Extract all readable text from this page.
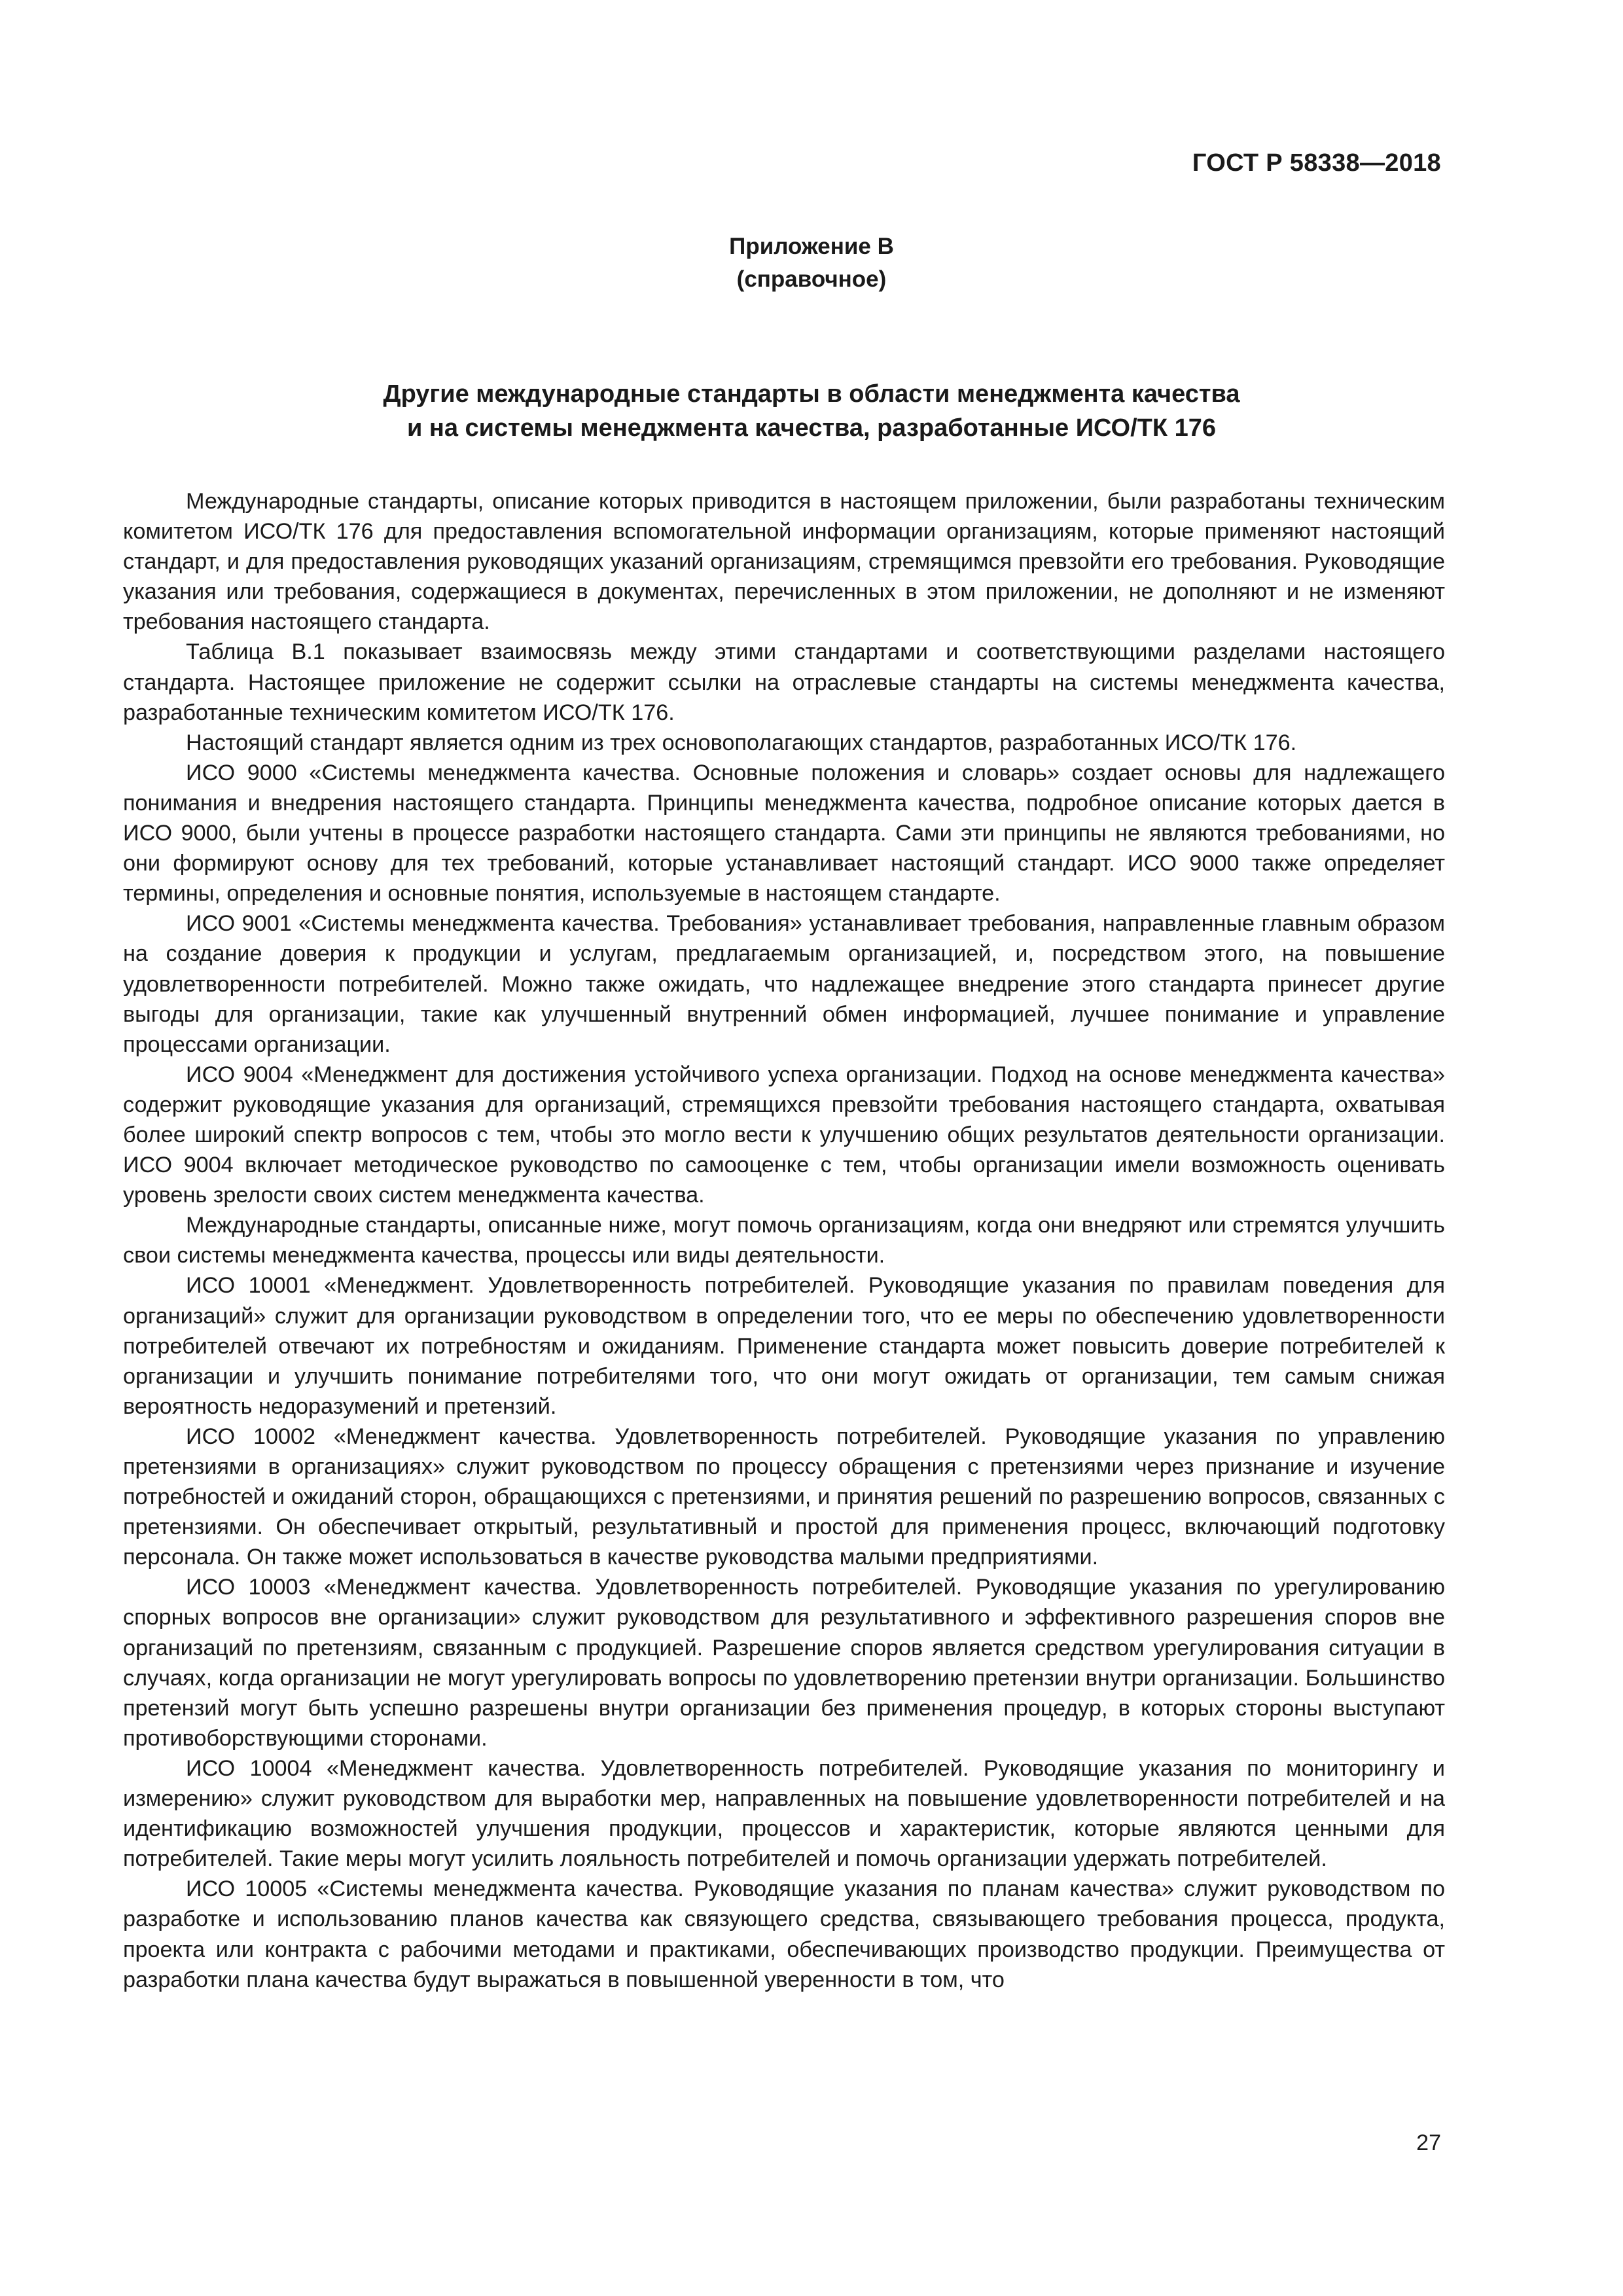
ГОСТ Р 58338—2018
Приложение В
(справочное)
Другие международные стандарты в области менеджмента качества
и на системы менеджмента качества, разработанные ИСО/ТК 176

Международные стандарты, описание которых приводится в настоящем приложении, были разработаны техническим комитетом ИСО/ТК 176 для предоставления вспомогательной информации организациям, которые применяют настоящий стандарт, и для предоставления руководящих указаний организациям, стремящимся превзойти его требования. Руководящие указания или требования, содержащиеся в документах, перечисленных в этом приложении, не дополняют и не изменяют требования настоящего стандарта.

Таблица В.1 показывает взаимосвязь между этими стандартами и соответствующими разделами настоящего стандарта. Настоящее приложение не содержит ссылки на отраслевые стандарты на системы менеджмента качества, разработанные техническим комитетом ИСО/ТК 176.

Настоящий стандарт является одним из трех основополагающих стандартов, разработанных ИСО/ТК 176.

ИСО 9000 «Системы менеджмента качества. Основные положения и словарь» создает основы для надлежащего понимания и внедрения настоящего стандарта. Принципы менеджмента качества, подробное описание которых дается в ИСО 9000, были учтены в процессе разработки настоящего стандарта. Сами эти принципы не являются требованиями, но они формируют основу для тех требований, которые устанавливает настоящий стандарт. ИСО 9000 также определяет термины, определения и основные понятия, используемые в настоящем стандарте.

ИСО 9001 «Системы менеджмента качества. Требования» устанавливает требования, направленные главным образом на создание доверия к продукции и услугам, предлагаемым организацией, и, посредством этого, на повышение удовлетворенности потребителей. Можно также ожидать, что надлежащее внедрение этого стандарта принесет другие выгоды для организации, такие как улучшенный внутренний обмен информацией, лучшее понимание и управление процессами организации.

ИСО 9004 «Менеджмент для достижения устойчивого успеха организации. Подход на основе менеджмента качества» содержит руководящие указания для организаций, стремящихся превзойти требования настоящего стандарта, охватывая более широкий спектр вопросов с тем, чтобы это могло вести к улучшению общих результатов деятельности организации. ИСО 9004 включает методическое руководство по самооценке с тем, чтобы организации имели возможность оценивать уровень зрелости своих систем менеджмента качества.

Международные стандарты, описанные ниже, могут помочь организациям, когда они внедряют или стремятся улучшить свои системы менеджмента качества, процессы или виды деятельности.

ИСО 10001 «Менеджмент. Удовлетворенность потребителей. Руководящие указания по правилам поведения для организаций» служит для организации руководством в определении того, что ее меры по обеспечению удовлетворенности потребителей отвечают их потребностям и ожиданиям. Применение стандарта может повысить доверие потребителей к организации и улучшить понимание потребителями того, что они могут ожидать от организации, тем самым снижая вероятность недоразумений и претензий.

ИСО 10002 «Менеджмент качества. Удовлетворенность потребителей. Руководящие указания по управлению претензиями в организациях» служит руководством по процессу обращения с претензиями через признание и изучение потребностей и ожиданий сторон, обращающихся с претензиями, и принятия решений по разрешению вопросов, связанных с претензиями. Он обеспечивает открытый, результативный и простой для применения процесс, включающий подготовку персонала. Он также может использоваться в качестве руководства малыми предприятиями.

ИСО 10003 «Менеджмент качества. Удовлетворенность потребителей. Руководящие указания по урегулированию спорных вопросов вне организации» служит руководством для результативного и эффективного разрешения споров вне организаций по претензиям, связанным с продукцией. Разрешение споров является средством урегулирования ситуации в случаях, когда организации не могут урегулировать вопросы по удовлетворению претензии внутри организации. Большинство претензий могут быть успешно разрешены внутри организации без применения процедур, в которых стороны выступают противоборствующими сторонами.

ИСО 10004 «Менеджмент качества. Удовлетворенность потребителей. Руководящие указания по мониторингу и измерению» служит руководством для выработки мер, направленных на повышение удовлетворенности потребителей и на идентификацию возможностей улучшения продукции, процессов и характеристик, которые являются ценными для потребителей. Такие меры могут усилить лояльность потребителей и помочь организации удержать потребителей.

ИСО 10005 «Системы менеджмента качества. Руководящие указания по планам качества» служит руководством по разработке и использованию планов качества как связующего средства, связывающего требования процесса, продукта, проекта или контракта с рабочими методами и практиками, обеспечивающих производство продукции. Преимущества от разработки плана качества будут выражаться в повышенной уверенности в том, что

27
